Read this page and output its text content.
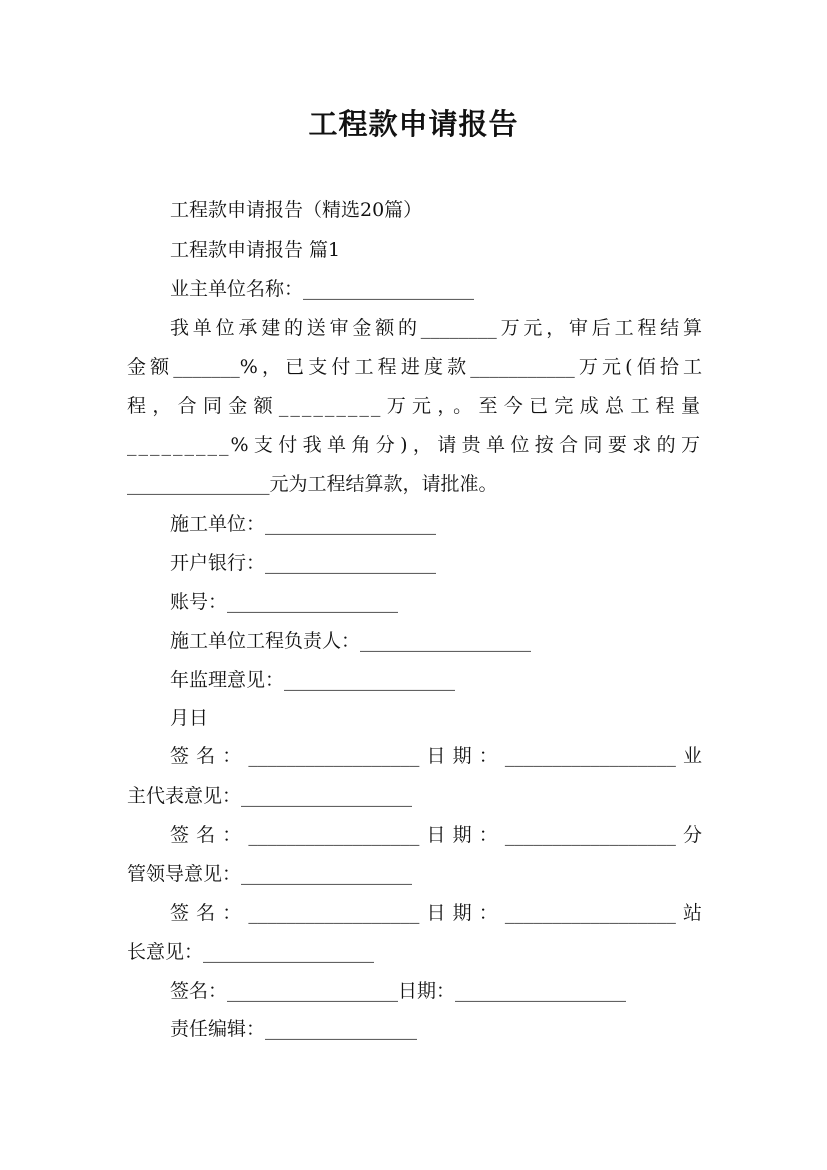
工程款申请报告
工程款申请报告（精选20篇）
工程款申请报告 篇1
业主单位名称：__________________
我单位承建的送审金额的________万元，审后工程结算
金额_______%，已支付工程进度款___________万元(佰拾工
程，合同金额_________万元，。至今已完成总工程量
_________%支付我单角分)，请贵单位按合同要求的万
_______________元为工程结算款，请批准。
施工单位：__________________
开户银行：__________________
账号：__________________
施工单位工程负责人：__________________
年监理意见：__________________
月日
签名：__________________日期：__________________业
主代表意见：__________________
签名：__________________日期：__________________分
管领导意见：__________________
签名：__________________日期：__________________站
长意见：__________________
签名：__________________日期：__________________
责任编辑：________________
